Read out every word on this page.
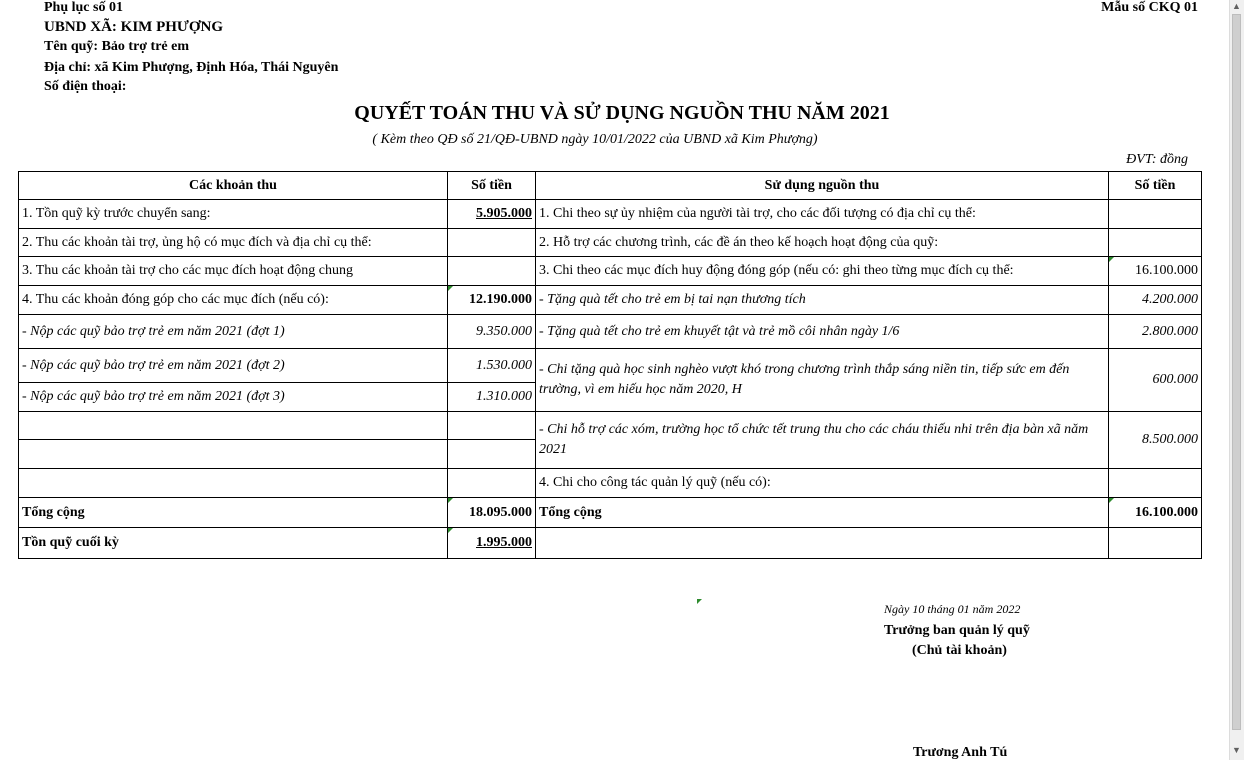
Phụ lục số 01	Mẫu số CKQ 01
UBND XÃ: KIM PHƯỢNG
Tên quỹ: Bảo trợ trẻ em
Địa chỉ: xã Kim Phượng, Định Hóa, Thái Nguyên
Số điện thoại:
QUYẾT TOÁN THU VÀ SỬ DỤNG NGUỒN THU NĂM 2021
( Kèm theo QĐ số 21/QĐ-UBND ngày 10/01/2022 của UBND xã Kim Phượng)
ĐVT: đồng
Các khoản thu	Số tiền	Sử dụng nguồn thu	Số tiền
1. Tồn quỹ kỳ trước chuyển sang:	5.905.000	1. Chi theo sự ủy nhiệm của người tài trợ, cho các đối tượng có địa chỉ cụ thể:	
2. Thu các khoản tài trợ, ủng hộ có mục đích và địa chỉ cụ thể:		2. Hỗ trợ các chương trình, các đề án theo kế hoạch hoạt động của quỹ:	
3. Thu các khoản tài trợ cho các mục đích hoạt động chung		3. Chi theo các mục đích huy động đóng góp (nếu có: ghi theo từng mục đích cụ thể:	16.100.000
4. Thu các khoản đóng góp cho các mục đích (nếu có):	12.190.000	- Tặng quà tết cho trẻ em bị tai nạn thương tích	4.200.000
- Nộp các quỹ bảo trợ trẻ em năm 2021 (đợt 1)	9.350.000	- Tặng quà tết cho trẻ em khuyết tật và trẻ mồ côi nhân ngày 1/6	2.800.000
- Nộp các quỹ bảo trợ trẻ em năm 2021 (đợt 2)	1.530.000	- Chi tặng quà học sinh nghèo vượt khó trong chương trình thắp sáng niền tin, tiếp sức em đến trường, vì em hiếu học năm 2020, H	600.000
- Nộp các quỹ bảo trợ trẻ em năm 2021 (đợt 3)	1.310.000		
		- Chi hỗ trợ các xóm, trường học tổ chức tết trung thu cho các cháu thiếu nhi trên địa bàn xã năm 2021	8.500.000

		4. Chi cho công tác quản lý quỹ (nếu có):	
Tổng cộng	18.095.000	Tổng cộng	16.100.000
Tồn quỹ cuối kỳ	1.995.000		
Ngày 10 tháng 01 năm 2022
Trưởng ban quản lý quỹ
(Chủ tài khoản)
Trương Anh Tú
▲
▼
